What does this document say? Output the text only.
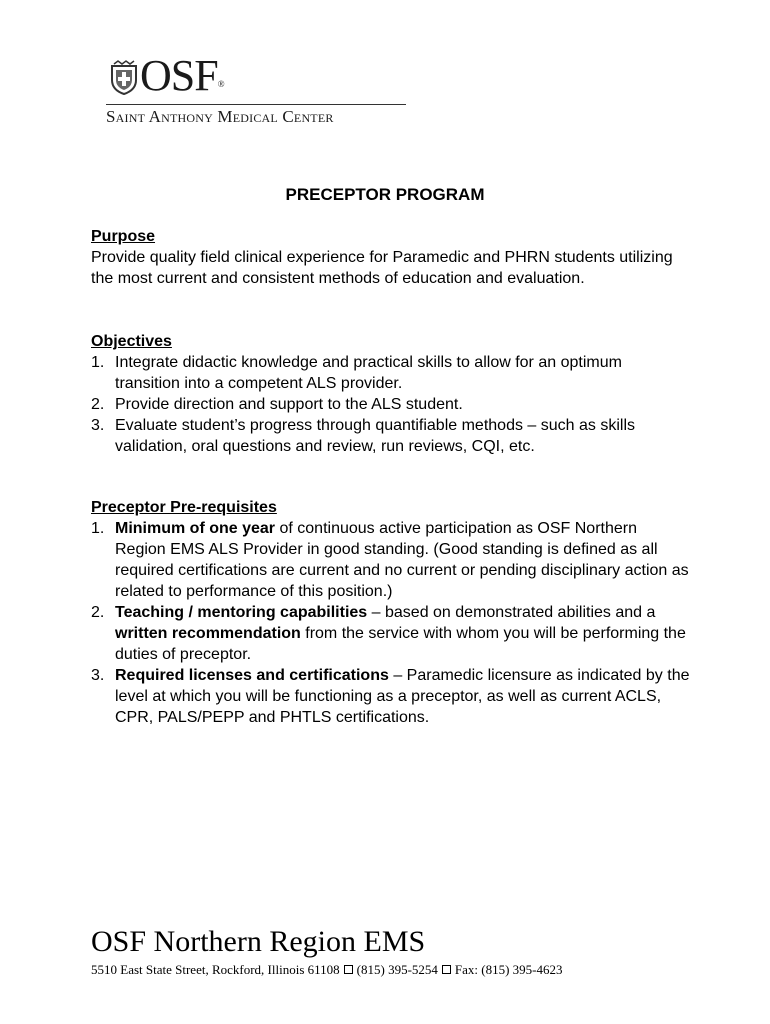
OSF®
Saint Anthony Medical Center
PRECEPTOR PROGRAM
Purpose

Provide quality field clinical experience for Paramedic and PHRN students utilizing the most current and consistent methods of education and evaluation.

Objectives
1. Integrate didactic knowledge and practical skills to allow for an optimum transition into a competent ALS provider.
2. Provide direction and support to the ALS student.
3. Evaluate student’s progress through quantifiable methods – such as skills validation, oral questions and review, run reviews, CQI, etc.
Preceptor Pre-requisites
1. Minimum of one year of continuous active participation as OSF Northern Region EMS ALS Provider in good standing. (Good standing is defined as all required certifications are current and no current or pending disciplinary action as related to performance of this position.)
2. Teaching / mentoring capabilities – based on demonstrated abilities and a written recommendation from the service with whom you will be performing the duties of preceptor.
3. Required licenses and certifications – Paramedic licensure as indicated by the level at which you will be functioning as a preceptor, as well as current ACLS, CPR, PALS/PEPP and PHTLS certifications.
OSF Northern Region EMS
5510 East State Street, Rockford, Illinois 61108 (815) 395-5254 Fax: (815) 395-4623
